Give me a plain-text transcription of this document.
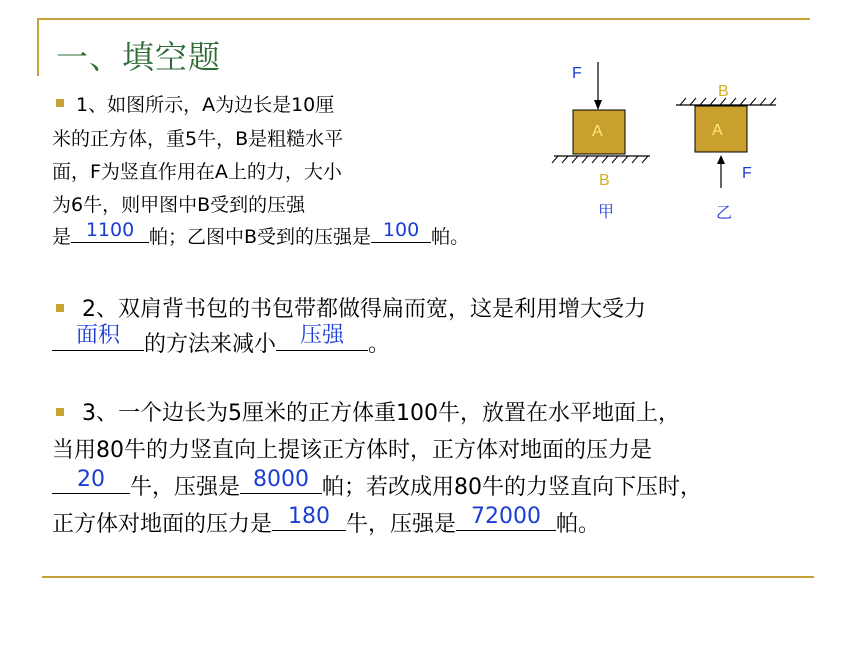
一、填空题
1、如图所示，A为边长是10厘
米的正方体，重5牛，B是粗糙水平
面，F为竖直作用在A上的力，大小
为6牛，则甲图中B受到的压强
是 1100 帕；乙图中B受到的压强是 100 帕。
F
A
B
甲
B
A
F
乙
2、双肩背书包的书包带都做得扁而宽，这是利用增大受力
面积	的方法来减小	压强	。
3、一个边长为5厘米的正方体重100牛，放置在水平地面上，
当用80牛的力竖直向上提该正方体时，正方体对地面的压力是
20	牛，压强是 8000 帕；若改成用80牛的力竖直向下压时，
正方体对地面的压力是 180 牛，压强是 72000 帕。
